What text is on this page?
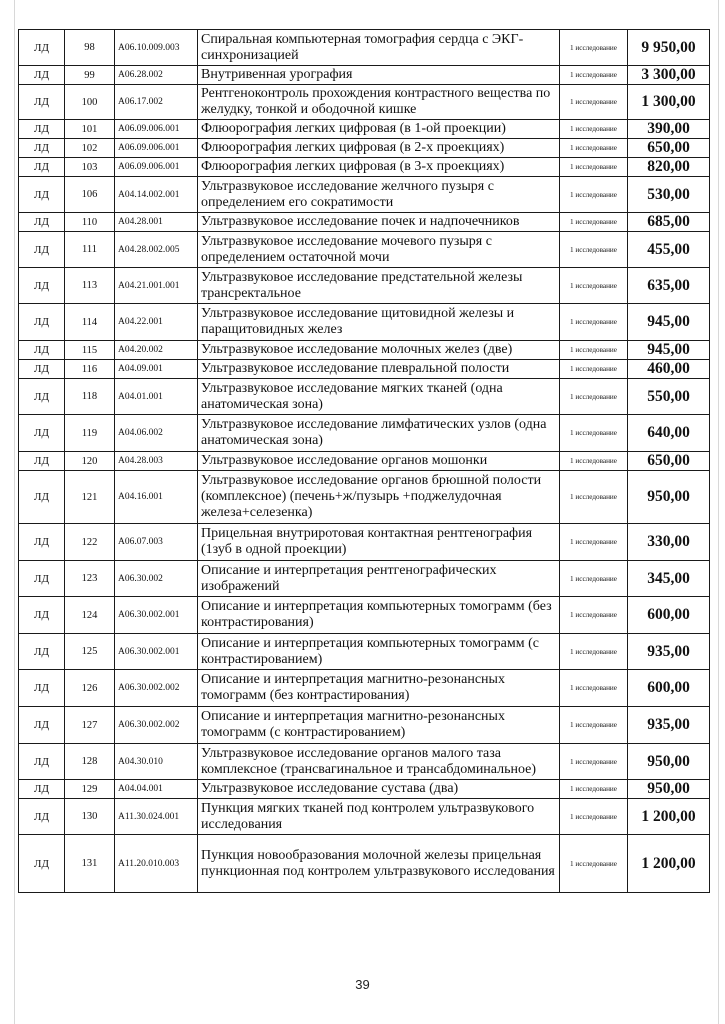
ЛД	98	A06.10.009.003	Спиральная компьютерная томография сердца с ЭКГ-синхронизацией	1 исследование	9 950,00
ЛД	99	A06.28.002	Внутривенная урография	1 исследование	3 300,00
ЛД	100	A06.17.002	Рентгеноконтроль прохождения контрастного вещества по желудку, тонкой и ободочной кишке	1 исследование	1 300,00
ЛД	101	A06.09.006.001	Флюорография легких цифровая (в 1-ой проекции)	1 исследование	390,00
ЛД	102	A06.09.006.001	Флюорография легких цифровая (в 2-х проекциях)	1 исследование	650,00
ЛД	103	A06.09.006.001	Флюорография легких цифровая (в 3-х проекциях)	1 исследование	820,00
ЛД	106	A04.14.002.001	Ультразвуковое исследование желчного пузыря с определением его сократимости	1 исследование	530,00
ЛД	110	A04.28.001	Ультразвуковое исследование почек и надпочечников	1 исследование	685,00
ЛД	111	A04.28.002.005	Ультразвуковое исследование мочевого пузыря с определением остаточной мочи	1 исследование	455,00
ЛД	113	A04.21.001.001	Ультразвуковое исследование предстательной железы трансректальное	1 исследование	635,00
ЛД	114	A04.22.001	Ультразвуковое исследование щитовидной железы и паращитовидных желез	1 исследование	945,00
ЛД	115	A04.20.002	Ультразвуковое исследование молочных желез (две)	1 исследование	945,00
ЛД	116	A04.09.001	Ультразвуковое исследование плевральной полости	1 исследование	460,00
ЛД	118	A04.01.001	Ультразвуковое исследование мягких тканей (одна анатомическая зона)	1 исследование	550,00
ЛД	119	A04.06.002	Ультразвуковое исследование лимфатических узлов (одна анатомическая зона)	1 исследование	640,00
ЛД	120	A04.28.003	Ультразвуковое исследование органов мошонки	1 исследование	650,00
ЛД	121	A04.16.001	Ультразвуковое исследование органов брюшной полости (комплексное) (печень+ж/пузырь +поджелудочная железа+селезенка)	1 исследование	950,00
ЛД	122	A06.07.003	Прицельная внутриротовая контактная рентгенография (1зуб в одной проекции)	1 исследование	330,00
ЛД	123	A06.30.002	Описание и интерпретация рентгенографических изображений	1 исследование	345,00
ЛД	124	A06.30.002.001	Описание и интерпретация компьютерных томограмм (без контрастирования)	1 исследование	600,00
ЛД	125	A06.30.002.001	Описание и интерпретация компьютерных томограмм (с контрастированием)	1 исследование	935,00
ЛД	126	A06.30.002.002	Описание и интерпретация магнитно-резонансных томограмм (без контрастирования)	1 исследование	600,00
ЛД	127	A06.30.002.002	Описание и интерпретация магнитно-резонансных томограмм (с контрастированием)	1 исследование	935,00
ЛД	128	A04.30.010	Ультразвуковое исследование органов малого таза комплексное (трансвагинальное и трансабдоминальное)	1 исследование	950,00
ЛД	129	A04.04.001	Ультразвуковое исследование сустава (два)	1 исследование	950,00
ЛД	130	A11.30.024.001	Пункция мягких тканей под контролем ультразвукового исследования	1 исследование	1 200,00
ЛД	131	A11.20.010.003	Пункция новообразования молочной железы прицельная пункционная под контролем ультразвукового исследования	1 исследование	1 200,00
39
